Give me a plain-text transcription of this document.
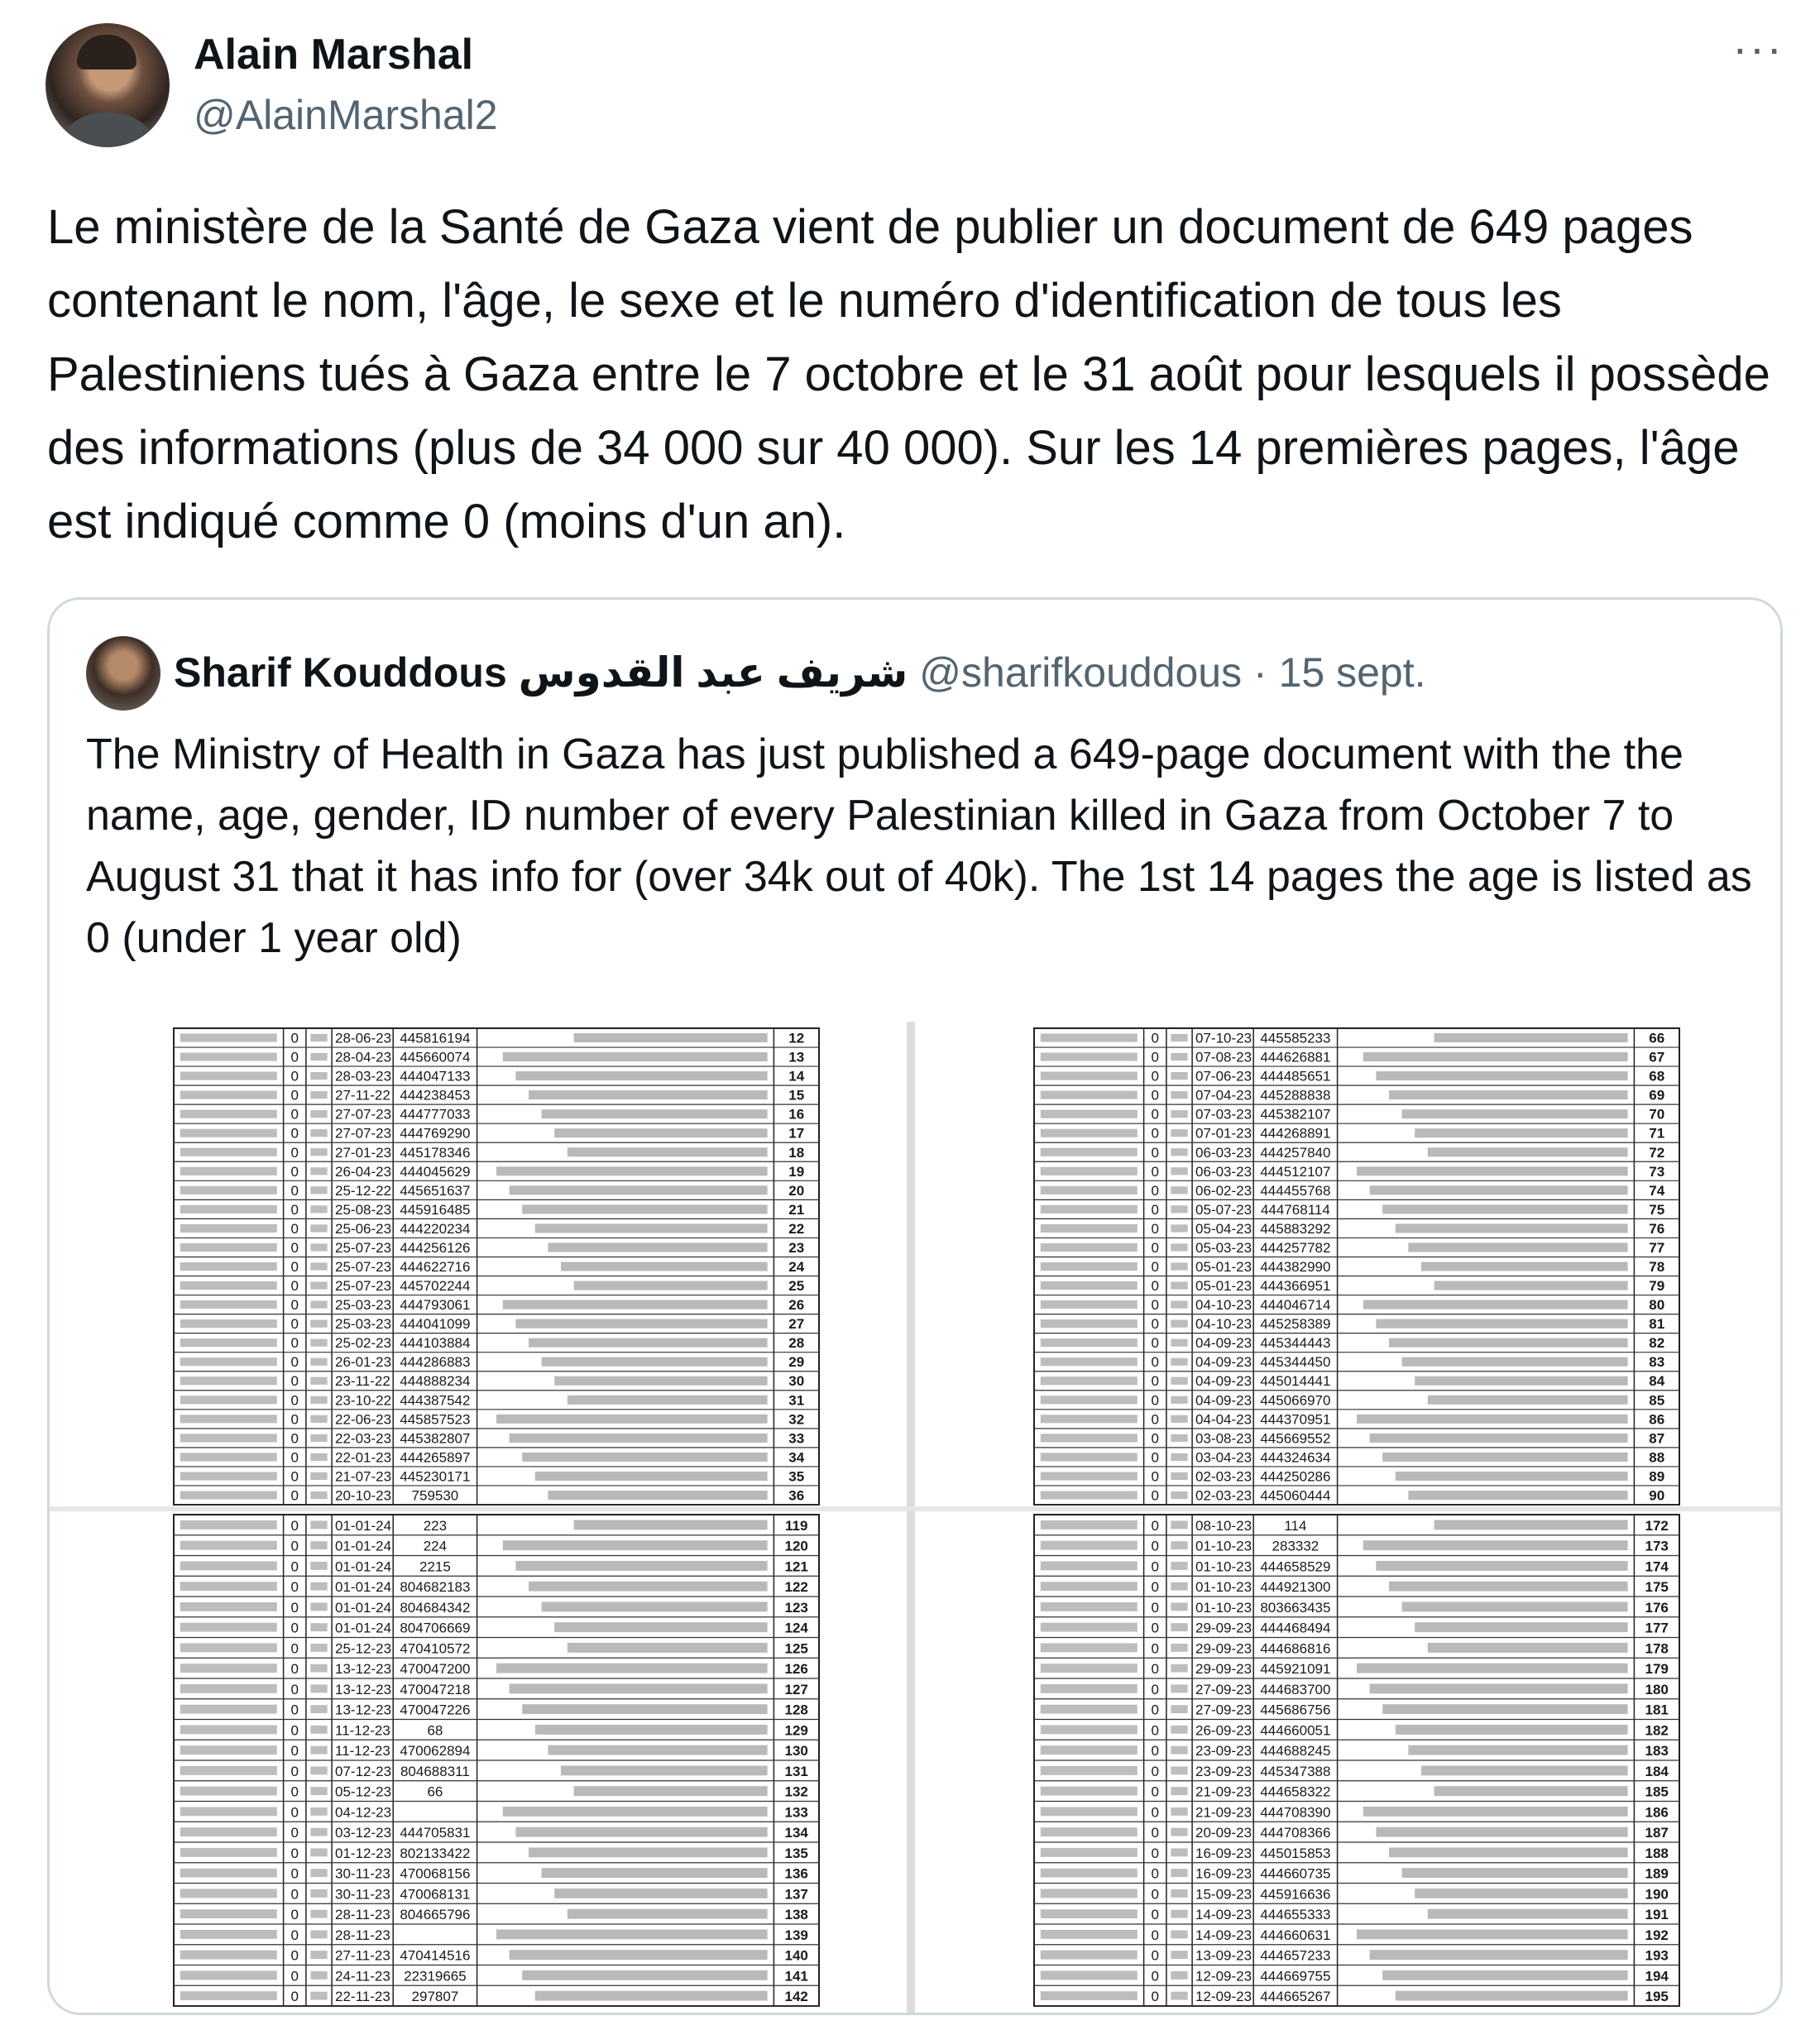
Alain Marshal
@AlainMarshal2
···
Le ministère de la Santé de Gaza vient de publier un document de 649 pages contenant le nom, l'âge, le sexe et le numéro d'identification de tous les Palestiniens tués à Gaza entre le 7 octobre et le 31 août pour lesquels il possède des informations (plus de 34 000 sur 40 000). Sur les 14 premières pages, l'âge est indiqué comme 0 (moins d'un an).
Sharif Kouddous شريف عبد القدوس @sharifkouddous · 15 sept.
The Ministry of Health in Gaza has just published a 649-page document with the the name, age, gender, ID number of every Palestinian killed in Gaza from October 7 to August 31 that it has info for (over 34k out of 40k). The 1st 14 pages the age is listed as 0 (under 1 year old)
0	28-06-23 445816194	12
0	28-04-23 445660074	13
0	28-03-23 444047133	14
0	27-11-22 444238453	15
0	27-07-23 444777033	16
0	27-07-23 444769290	17
0	27-01-23 445178346	18
0	26-04-23 444045629	19
0	25-12-22 445651637	20
0	25-08-23 445916485	21
0	25-06-23 444220234	22
0	25-07-23 444256126	23
0	25-07-23 444622716	24
0	25-07-23 445702244	25
0	25-03-23 444793061	26
0	25-03-23 444041099	27
0	25-02-23 444103884	28
0	26-01-23 444286883	29
0	23-11-22 444888234	30
0	23-10-22 444387542	31
0	22-06-23 445857523	32
0	22-03-23 445382807	33
0	22-01-23 444265897	34
0	21-07-23 445230171	35
0	20-10-23 759530	36
0	07-10-23 445585233	66
0	07-08-23 444626881	67
0	07-06-23 444485651	68
0	07-04-23 445288838	69
0	07-03-23 445382107	70
0	07-01-23 444268891	71
0	06-03-23 444257840	72
0	06-03-23 444512107	73
0	06-02-23 444455768	74
0	05-07-23 444768114	75
0	05-04-23 445883292	76
0	05-03-23 444257782	77
0	05-01-23 444382990	78
0	05-01-23 444366951	79
0	04-10-23 444046714	80
0	04-10-23 445258389	81
0	04-09-23 445344443	82
0	04-09-23 445344450	83
0	04-09-23 445014441	84
0	04-09-23 445066970	85
0	04-04-23 444370951	86
0	03-08-23 445669552	87
0	03-04-23 444324634	88
0	02-03-23 444250286	89
0	02-03-23 445060444	90
0	01-01-24 223	119
0	01-01-24 224	120
0	01-01-24 2215	121
0	01-01-24 804682183	122
0	01-01-24 804684342	123
0	01-01-24 804706669	124
0	25-12-23 470410572	125
0	13-12-23 470047200	126
0	13-12-23 470047218	127
0	13-12-23 470047226	128
0	11-12-23	68	129
0	11-12-23 470062894	130
0	07-12-23 804688311	131
0	05-12-23	66	132
0	04-12-23	133
0	03-12-23 444705831	134
0	01-12-23 802133422	135
0	30-11-23 470068156	136
0	30-11-23 470068131	137
0	28-11-23 804665796	138
0	28-11-23	139
0	27-11-23 470414516	140
0	24-11-23 22319665	141
0	22-11-23 297807	142
0	08-10-23 114	172
0	01-10-23 283332	173
0	01-10-23 444658529	174
0	01-10-23 444921300	175
0	01-10-23 803663435	176
0	29-09-23 444468494	177
0	29-09-23 444686816	178
0	29-09-23 445921091	179
0	27-09-23 444683700	180
0	27-09-23 445686756	181
0	26-09-23 444660051	182
0	23-09-23 444688245	183
0	23-09-23 445347388	184
0	21-09-23 444658322	185
0	21-09-23 444708390	186
0	20-09-23 444708366	187
0	16-09-23 445015853	188
0	16-09-23 444660735	189
0	15-09-23 445916636	190
0	14-09-23 444655333	191
0	14-09-23 444660631	192
0	13-09-23 444657233	193
0	12-09-23 444669755	194
0	12-09-23 444665267	195
